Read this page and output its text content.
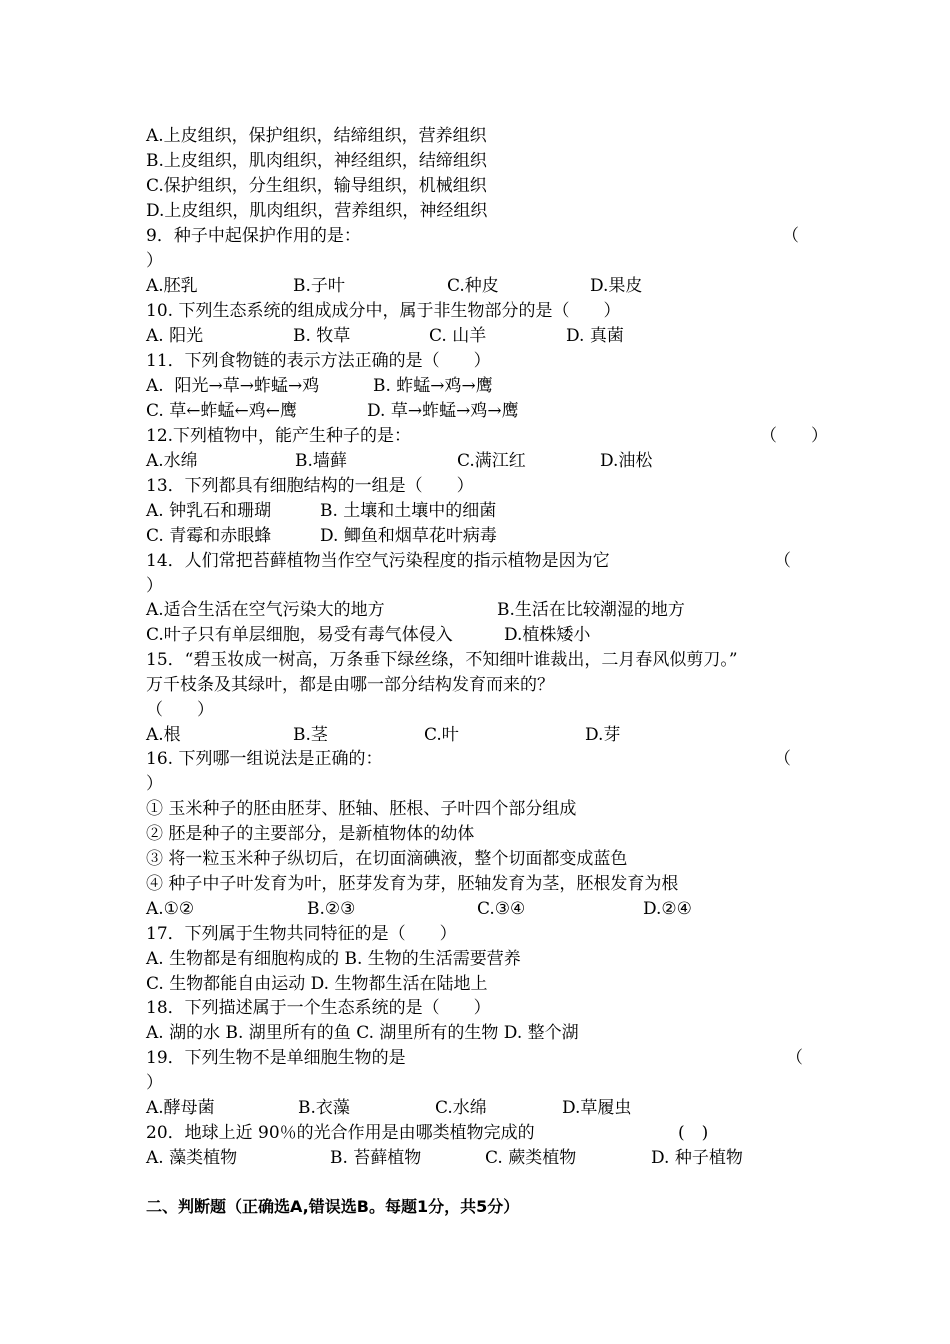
A.上皮组织，保护组织，结缔组织，营养组织
B.上皮组织，肌肉组织，神经组织，结缔组织
C.保护组织，分生组织，输导组织，机械组织
D.上皮组织，肌肉组织，营养组织，神经组织

9．种子中起保护作用的是：

	（

）

A.胚乳

	B.子叶

	C.种皮

	D.果皮

10. 下列生态系统的组成成分中，属于非生物部分的是（　　）

A. 阳光

	B. 牧草

	C. 山羊

	D. 真菌

11．下列食物链的表示方法正确的是（　　）

A.  阳光→草→蚱蜢→鸡

	B. 蚱蜢→鸡→鹰

C. 草←蚱蜢←鸡←鹰

	D. 草→蚱蜢→鸡→鹰

12.下列植物中，能产生种子的是：

	（　　）

A.水绵

	B.墙藓

	C.满江红

	D.油松

13．下列都具有细胞结构的一组是（　　）

A. 钟乳石和珊瑚

	B. 土壤和土壤中的细菌

C. 青霉和赤眼蜂

	D. 鲫鱼和烟草花叶病毒

14．人们常把苔藓植物当作空气污染程度的指示植物是因为它

	（

）

A.适合生活在空气污染大的地方

	B.生活在比较潮湿的地方

C.叶子只有单层细胞，易受有毒气体侵入

	D.植株矮小

15．“碧玉妆成一树高，万条垂下绿丝绦，不知细叶谁裁出，二月春风似剪刀。”
万千枝条及其绿叶，都是由哪一部分结构发育而来的？
（　　）

A.根

	B.茎

	C.叶

	D.芽

16. 下列哪一组说法是正确的：

	（

）
① 玉米种子的胚由胚芽、胚轴、胚根、子叶四个部分组成
② 胚是种子的主要部分，是新植物体的幼体
③ 将一粒玉米种子纵切后，在切面滴碘液，整个切面都变成蓝色
④ 种子中子叶发育为叶，胚芽发育为芽，胚轴发育为茎，胚根发育为根

A.①②

	B.②③

	C.③④

	D.②④

17．下列属于生物共同特征的是（　　）
A. 生物都是有细胞构成的 B. 生物的生活需要营养
C. 生物都能自由运动 D. 生物都生活在陆地上
18．下列描述属于一个生态系统的是（　　）
A. 湖的水 B. 湖里所有的鱼 C. 湖里所有的生物 D. 整个湖

19．下列生物不是单细胞生物的是

	（

）

A.酵母菌

	B.衣藻

	C.水绵

	D.草履虫

20．地球上近 90％的光合作用是由哪类植物完成的

	(　)

A. 藻类植物

	B. 苔藓植物

	C. 蕨类植物

	D. 种子植物

二、判断题（正确选A,错误选B。每题1分，共5分）
